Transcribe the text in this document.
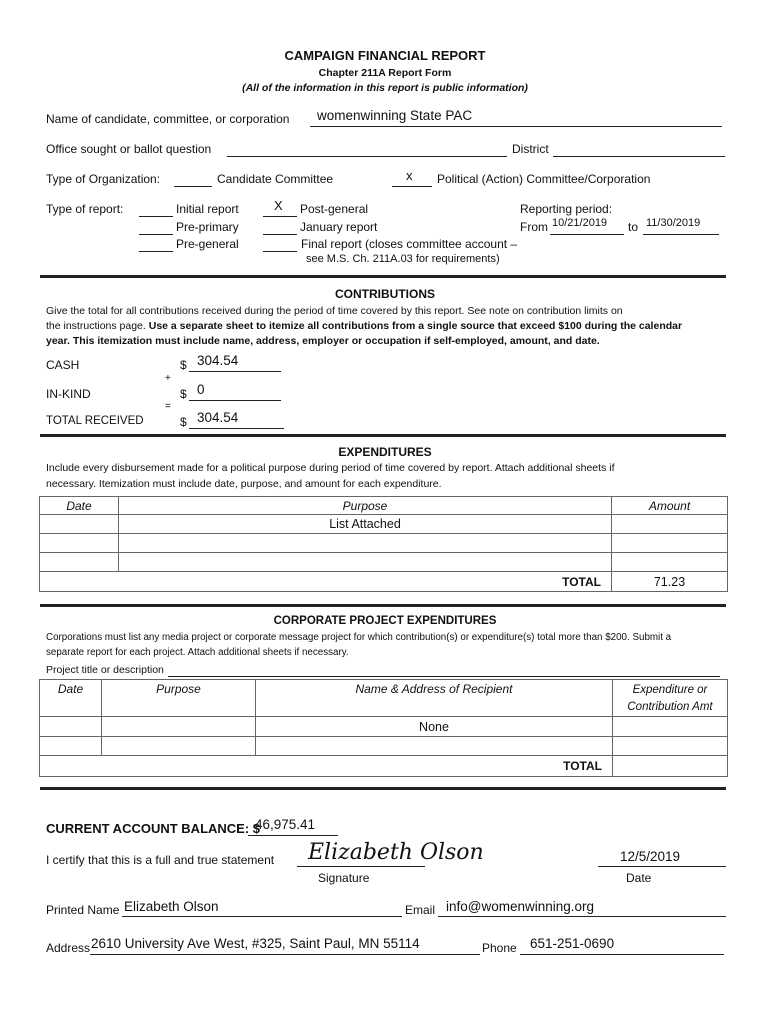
CAMPAIGN FINANCIAL REPORT
Chapter 211A Report Form
(All of the information in this report is public information)
Name of candidate, committee, or corporation womenwinning State PAC
Office sought or ballot question	District
Type of Organization:	Candidate Committee	x Political (Action) Committee/Corporation
Type of report:	Initial report
Pre-primary
Pre-general
X Post-general
January report
Final report (closes committee account –
see M.S. Ch. 211A.03 for requirements)
Reporting period:
From 10/21/2019 to 11/30/2019
CONTRIBUTIONS
Give the total for all contributions received during the period of time covered by this report. See note on contribution limits on
the instructions page. Use a separate sheet to itemize all contributions from a single source that exceed $100 during the calendar
year. This itemization must include name, address, employer or occupation if self-employed, amount, and date.
CASH	$ 304.54
+
IN-KIND	$ 0
=
TOTAL RECEIVED	$ 304.54
EXPENDITURES
Include every disbursement made for a political purpose during period of time covered by report. Attach additional sheets if
necessary. Itemization must include date, purpose, and amount for each expenditure.
Date	Purpose	Amount
	List Attached	

TOTAL		71.23
CORPORATE PROJECT EXPENDITURES
Corporations must list any media project or corporate message project for which contribution(s) or expenditure(s) total more than $200. Submit a
separate report for each project. Attach additional sheets if necessary.
Project title or description
Date	Purpose	Name & Address of Recipient	Expenditure or
Contribution Amt
		None	

TOTAL			
CURRENT ACCOUNT BALANCE: $
46,975.41
I certify that this is a full and true statement Elizabeth Olson
Signature
12/5/2019
Date
Printed Name Elizabeth Olson	Email info@womenwinning.org
Address 2610 University Ave West, #325, Saint Paul, MN 55114	Phone 651-251-0690
